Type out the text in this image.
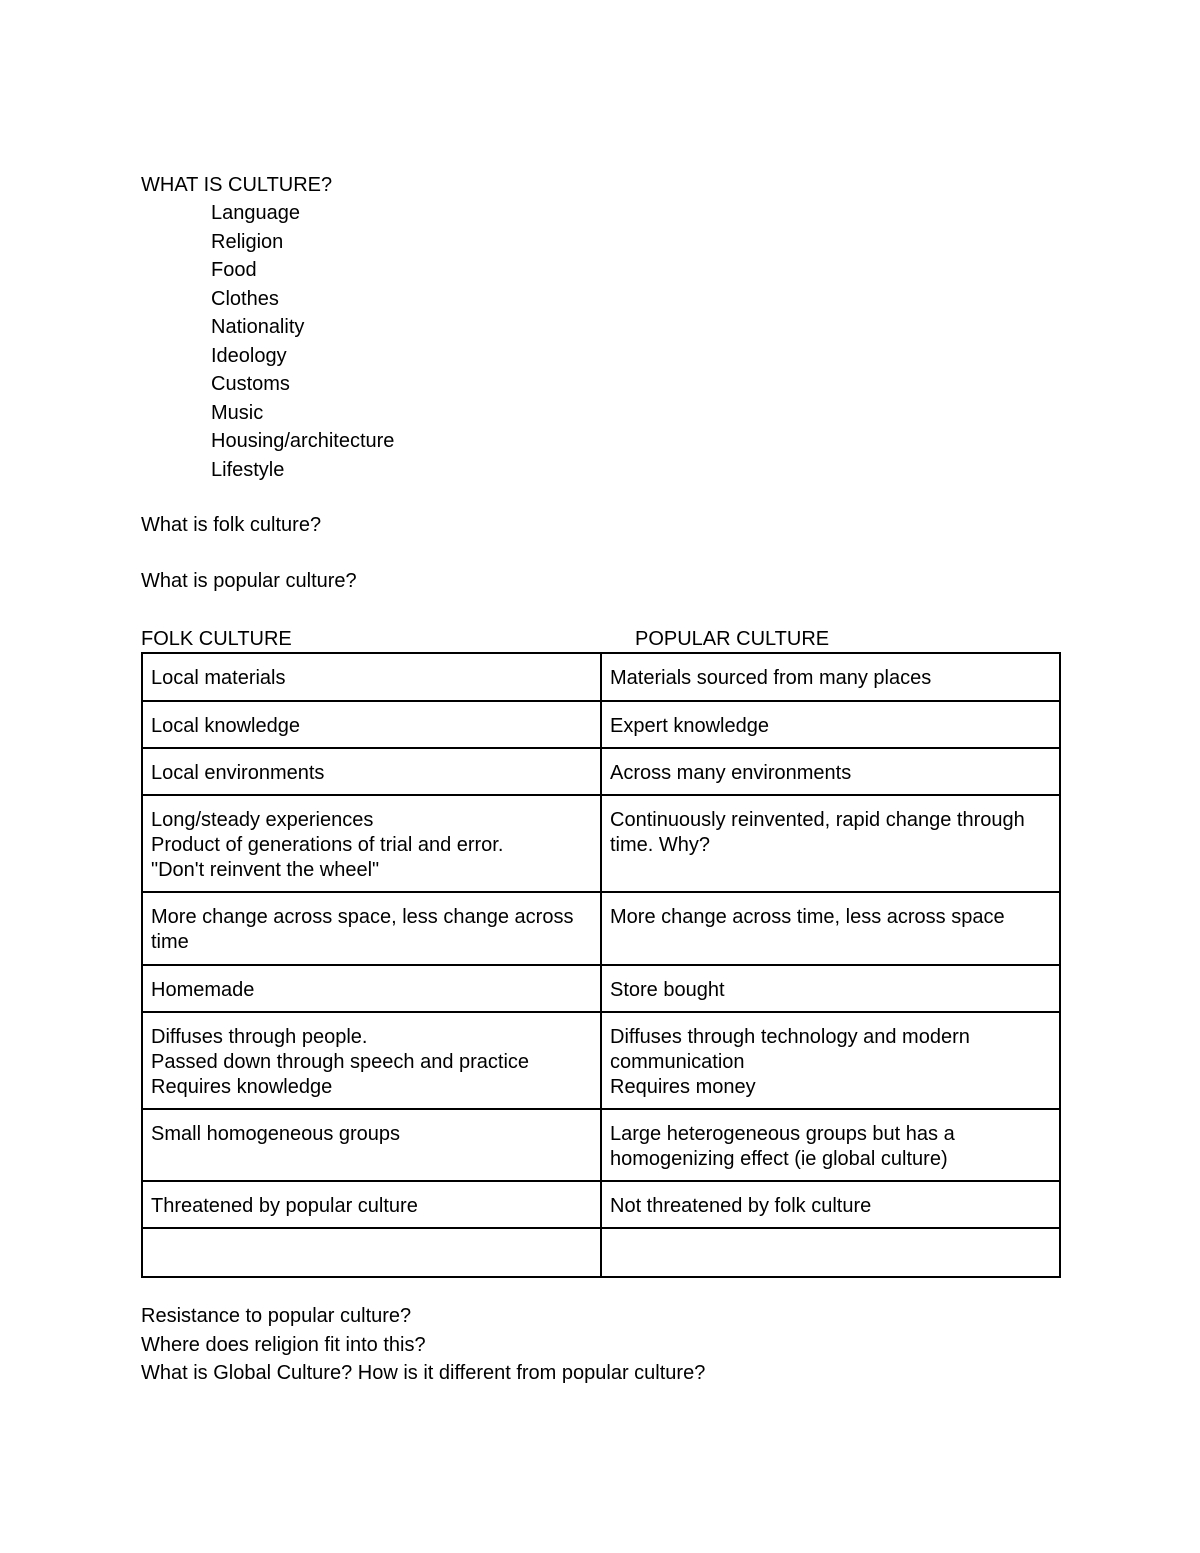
WHAT IS CULTURE?
Language
Religion
Food
Clothes
Nationality
Ideology
Customs
Music
Housing/architecture
Lifestyle
What is folk culture?
What is popular culture?
FOLK CULTURE	POPULAR CULTURE
Local materials	Materials sourced from many places

Local knowledge	Expert knowledge

Local environments	Across many environments

Long/steady experiences
Product of generations of trial and error.
"Don't reinvent the wheel"	Continuously reinvented, rapid change through time. Why?

More change across space, less change across time	More change across time, less across space

Homemade	Store bought

Diffuses through people.
Passed down through speech and practice
Requires knowledge	Diffuses through technology and modern communication
Requires money

Small homogeneous groups	Large heterogeneous groups but has a homogenizing effect (ie global culture)

Threatened by popular culture	Not threatened by folk culture

Resistance to popular culture?
Where does religion fit into this?
What is Global Culture? How is it different from popular culture?
